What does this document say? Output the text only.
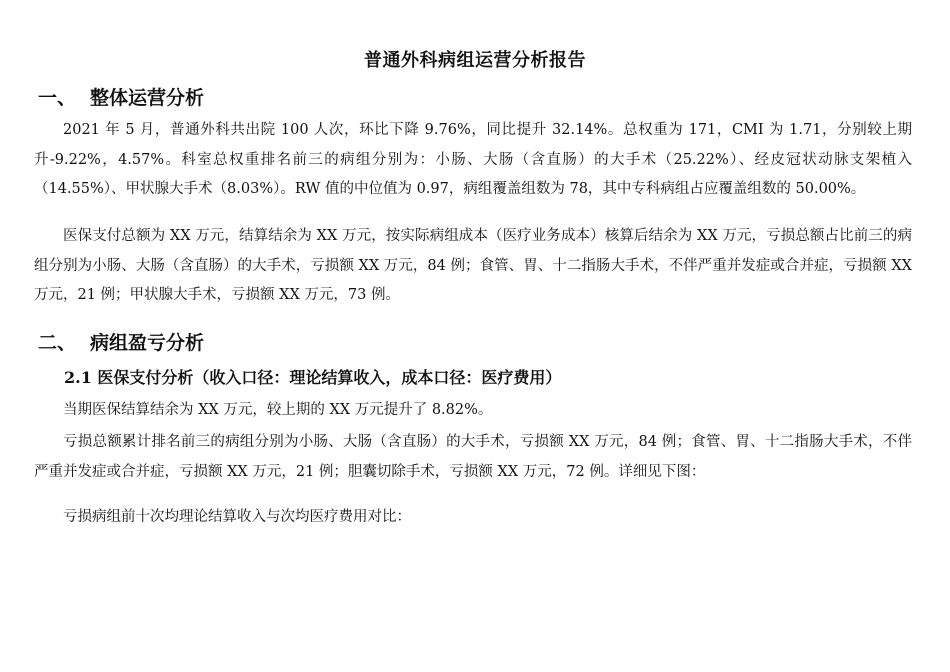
普通外科病组运营分析报告
一、 整体运营分析
2021 年 5 月，普通外科共出院 100 人次，环比下降 9.76%，同比提升 32.14%。总权重为 171，CMI 为 1.71，分别较上期升-9.22%，4.57%。科室总权重排名前三的病组分别为：小肠、大肠（含直肠）的大手术（25.22%）、经皮冠状动脉支架植入（14.55%）、甲状腺大手术（8.03%）。RW 值的中位值为 0.97，病组覆盖组数为 78，其中专科病组占应覆盖组数的 50.00%。
医保支付总额为 XX 万元，结算结余为 XX 万元，按实际病组成本（医疗业务成本）核算后结余为 XX 万元，亏损总额占比前三的病组分别为小肠、大肠（含直肠）的大手术，亏损额 XX 万元，84 例；食管、胃、十二指肠大手术，不伴严重并发症或合并症，亏损额 XX 万元，21 例；甲状腺大手术，亏损额 XX 万元，73 例。
二、 病组盈亏分析
2.1 医保支付分析（收入口径：理论结算收入，成本口径：医疗费用）
当期医保结算结余为 XX 万元，较上期的 XX 万元提升了 8.82%。
亏损总额累计排名前三的病组分别为小肠、大肠（含直肠）的大手术，亏损额 XX 万元，84 例；食管、胃、十二指肠大手术，不伴严重并发症或合并症，亏损额 XX 万元，21 例；胆囊切除手术，亏损额 XX 万元，72 例。详细见下图：
亏损病组前十次均理论结算收入与次均医疗费用对比：
